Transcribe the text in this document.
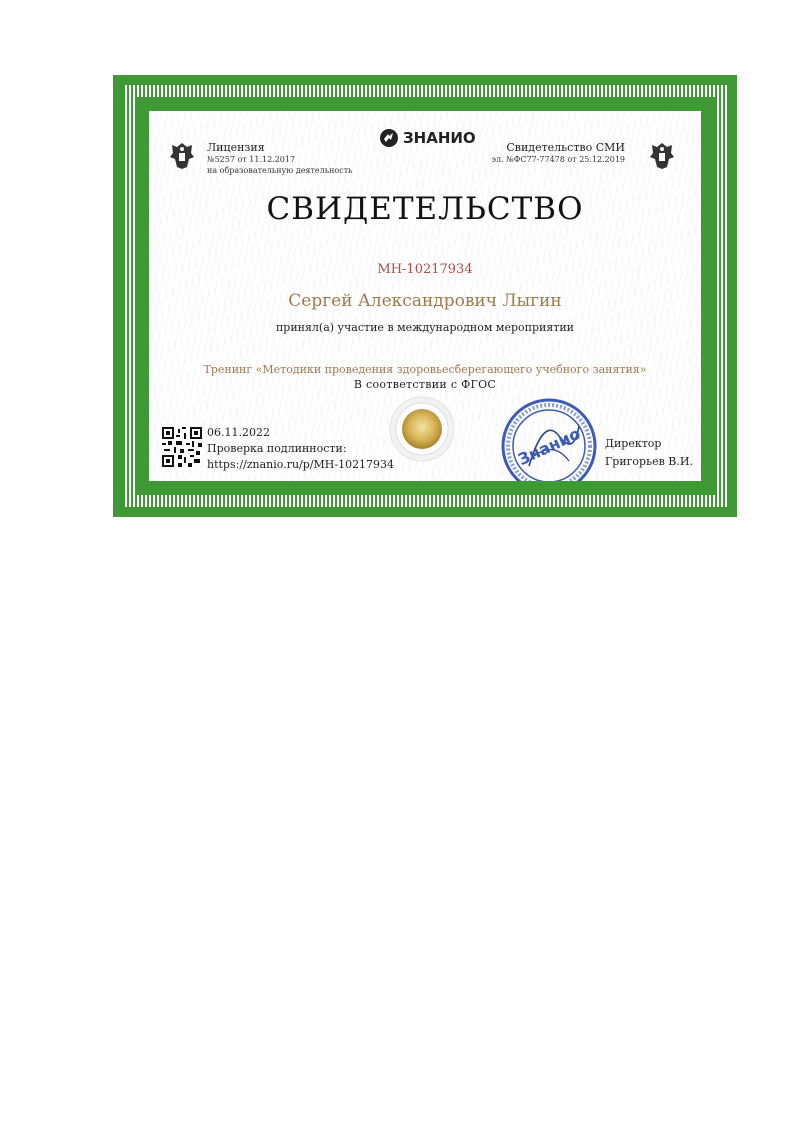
Лицензия
№5257 от 11.12.2017
на образовательную деятельность
ЗНАНИО
Свидетельство СМИ
эл. №ФС77-77478 от 25.12.2019
СВИДЕТЕЛЬСТВО
МН-10217934
Сергей Александрович Лыгин
принял(а) участие в международном мероприятии
Тренинг «Методики проведения здоровьесберегающего учебного занятия»
В соответствии с ФГОС
06.11.2022
Проверка подлинности:
https://znanio.ru/p/МН-10217934	Знанио Директор
Григорьев В.И.
